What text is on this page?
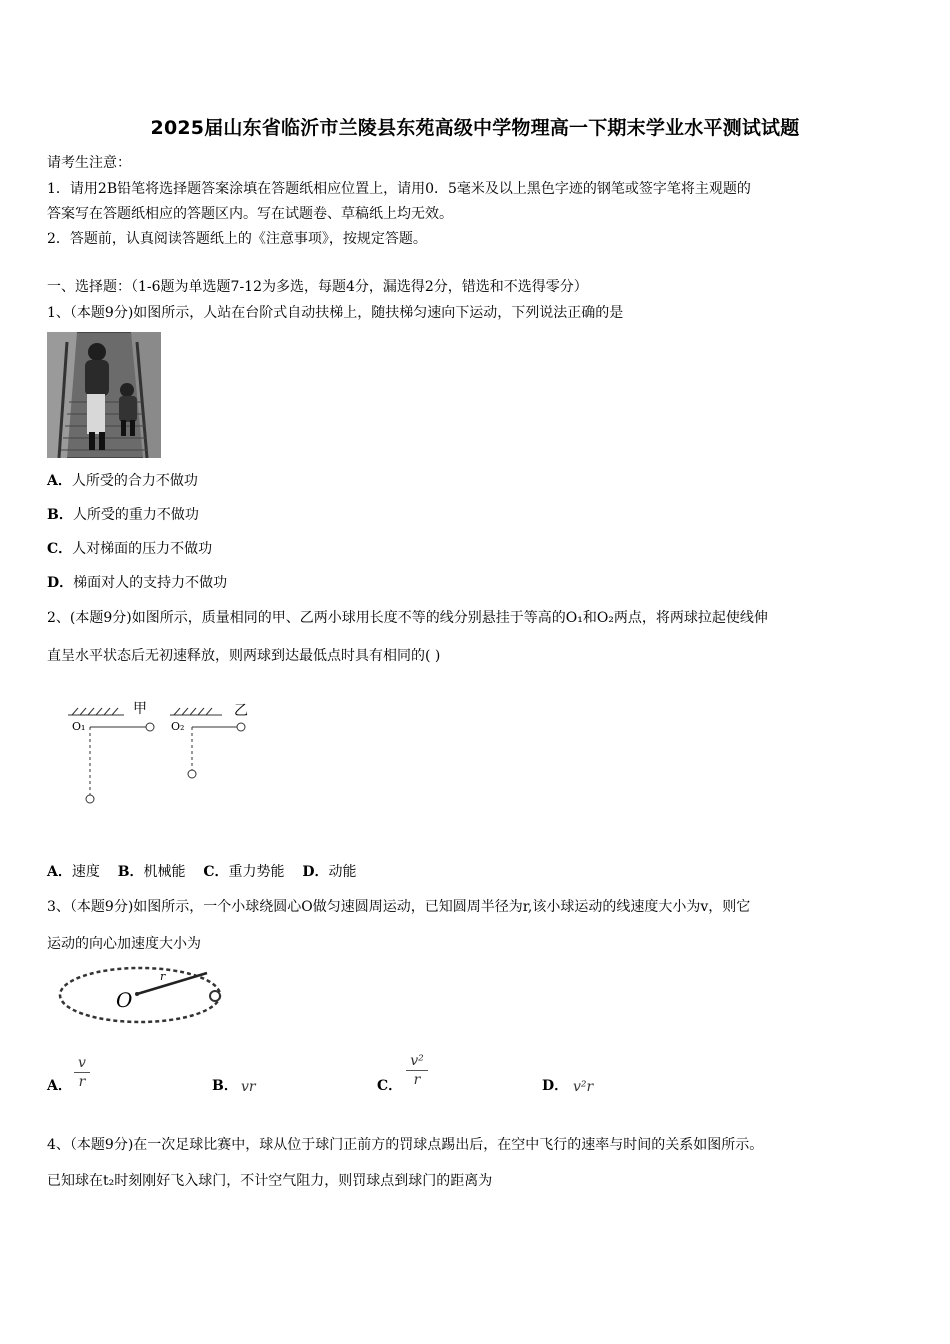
2025届山东省临沂市兰陵县东苑高级中学物理高一下期末学业水平测试试题
请考生注意：
1．请用2B铅笔将选择题答案涂填在答题纸相应位置上，请用0．5毫米及以上黑色字迹的钢笔或签字笔将主观题的
答案写在答题纸相应的答题区内。写在试题卷、草稿纸上均无效。
2．答题前，认真阅读答题纸上的《注意事项》，按规定答题。
一、选择题：（1-6题为单选题7-12为多选，每题4分，漏选得2分，错选和不选得零分）
1、（本题9分)如图所示，人站在台阶式自动扶梯上，随扶梯匀速向下运动，下列说法正确的是
A．人所受的合力不做功
B．人所受的重力不做功
C．人对梯面的压力不做功
D．梯面对人的支持力不做功
2、(本题9分)如图所示，质量相同的甲、乙两小球用长度不等的线分别悬挂于等高的O₁和O₂两点，将两球拉起使线伸
直呈水平状态后无初速释放，则两球到达最低点时具有相同的( )
甲	乙
O₁	O₂
A．速度 B．机械能 C．重力势能 D．动能
3、（本题9分)如图所示，一个小球绕圆心O做匀速圆周运动，已知圆周半径为r,该小球运动的线速度大小为v，则它
运动的向心加速度大小为
O
r
A．
v
r	B． vr	C．
v²
r	D． v²r
4、（本题9分)在一次足球比赛中，球从位于球门正前方的罚球点踢出后，在空中飞行的速率与时间的关系如图所示。
已知球在t₂时刻刚好飞入球门，不计空气阻力，则罚球点到球门的距离为
